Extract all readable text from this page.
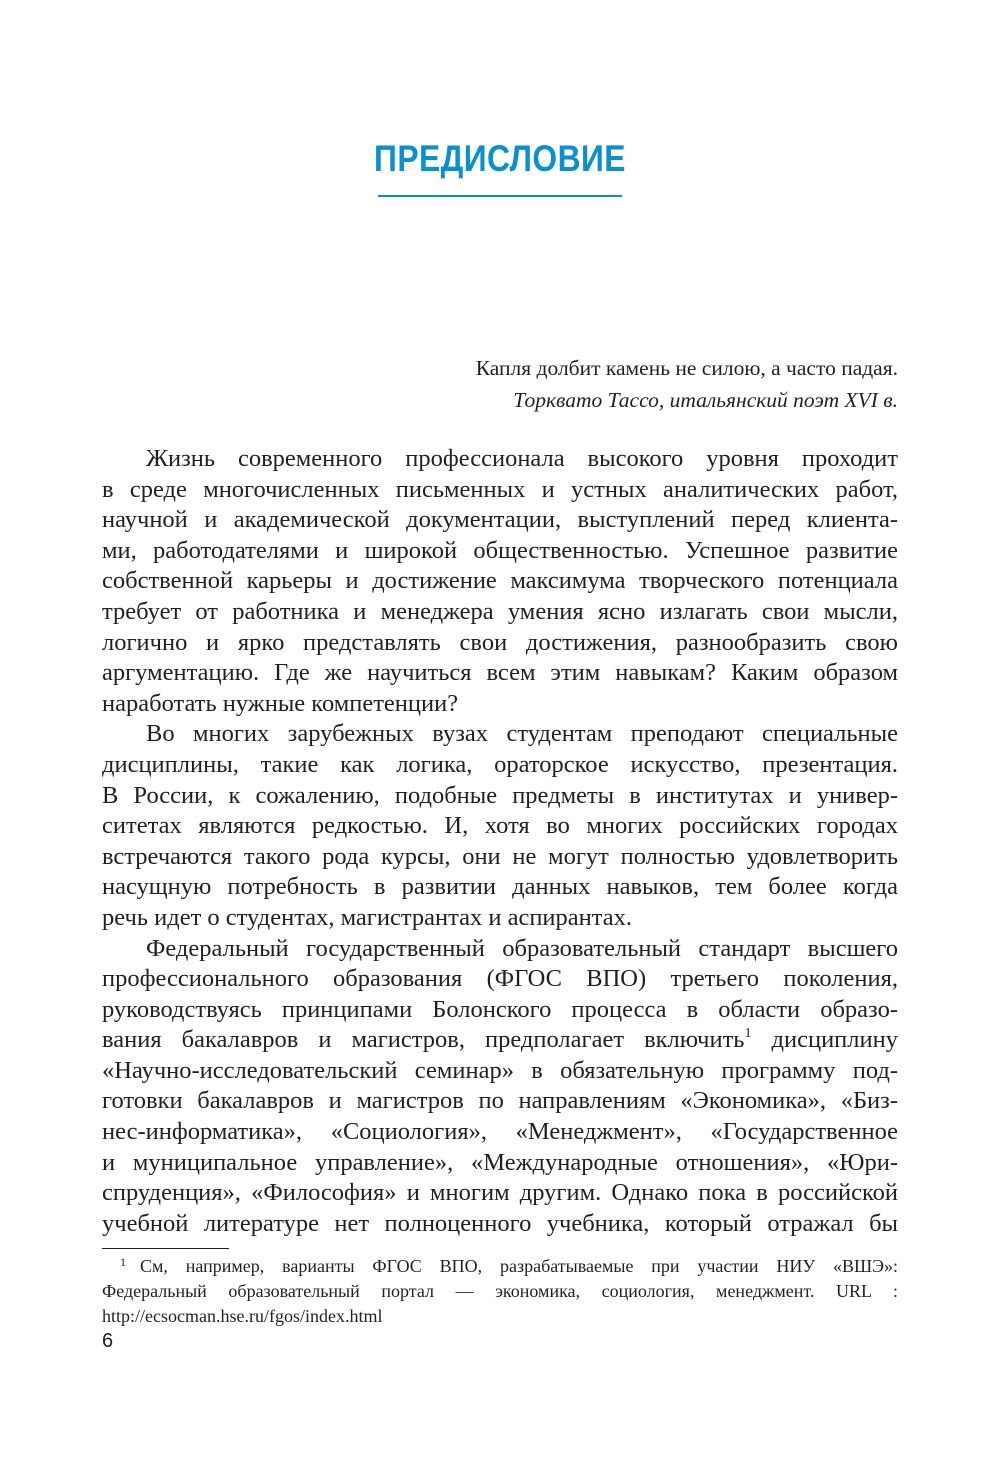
ПРЕДИСЛОВИЕ
Капля долбит камень не силою, а часто падая.
Торквато Тассо, итальянский поэт XVI в.
Жизнь современного профессионала высокого уровня проходит
в среде многочисленных письменных и устных аналитических работ,
научной и академической документации, выступлений перед клиента-
ми, работодателями и широкой общественностью. Успешное развитие
собственной карьеры и достижение максимума творческого потенциала
требует от работника и менеджера умения ясно излагать свои мысли,
логично и ярко представлять свои достижения, разнообразить свою
аргументацию. Где же научиться всем этим навыкам? Каким образом
наработать нужные компетенции?
Во многих зарубежных вузах студентам преподают специальные
дисциплины, такие как логика, ораторское искусство, презентация.
В России, к сожалению, подобные предметы в институтах и универ-
ситетах являются редкостью. И, хотя во многих российских городах
встречаются такого рода курсы, они не могут полностью удовлетворить
насущную потребность в развитии данных навыков, тем более когда
речь идет о студентах, магистрантах и аспирантах.
Федеральный государственный образовательный стандарт высшего
профессионального образования (ФГОС ВПО) третьего поколения,
руководствуясь принципами Болонского процесса в области образо-
вания бакалавров и магистров, предполагает включить$^1$ дисциплину
«Научно-исследовательский семинар» в обязательную программу под-
готовки бакалавров и магистров по направлениям «Экономика», «Биз-
нес-информатика», «Социология», «Менеджмент», «Государственное
и муниципальное управление», «Международные отношения», «Юри-
спруденция», «Философия» и многим другим. Однако пока в российской
учебной литературе нет полноценного учебника, который отражал бы
$^1$ См, например, варианты ФГОС ВПО, разрабатываемые при участии НИУ «ВШЭ»:
Федеральный образовательный портал — экономика, социология, менеджмент. URL :
http://ecsocman.hse.ru/fgos/index.html
6
